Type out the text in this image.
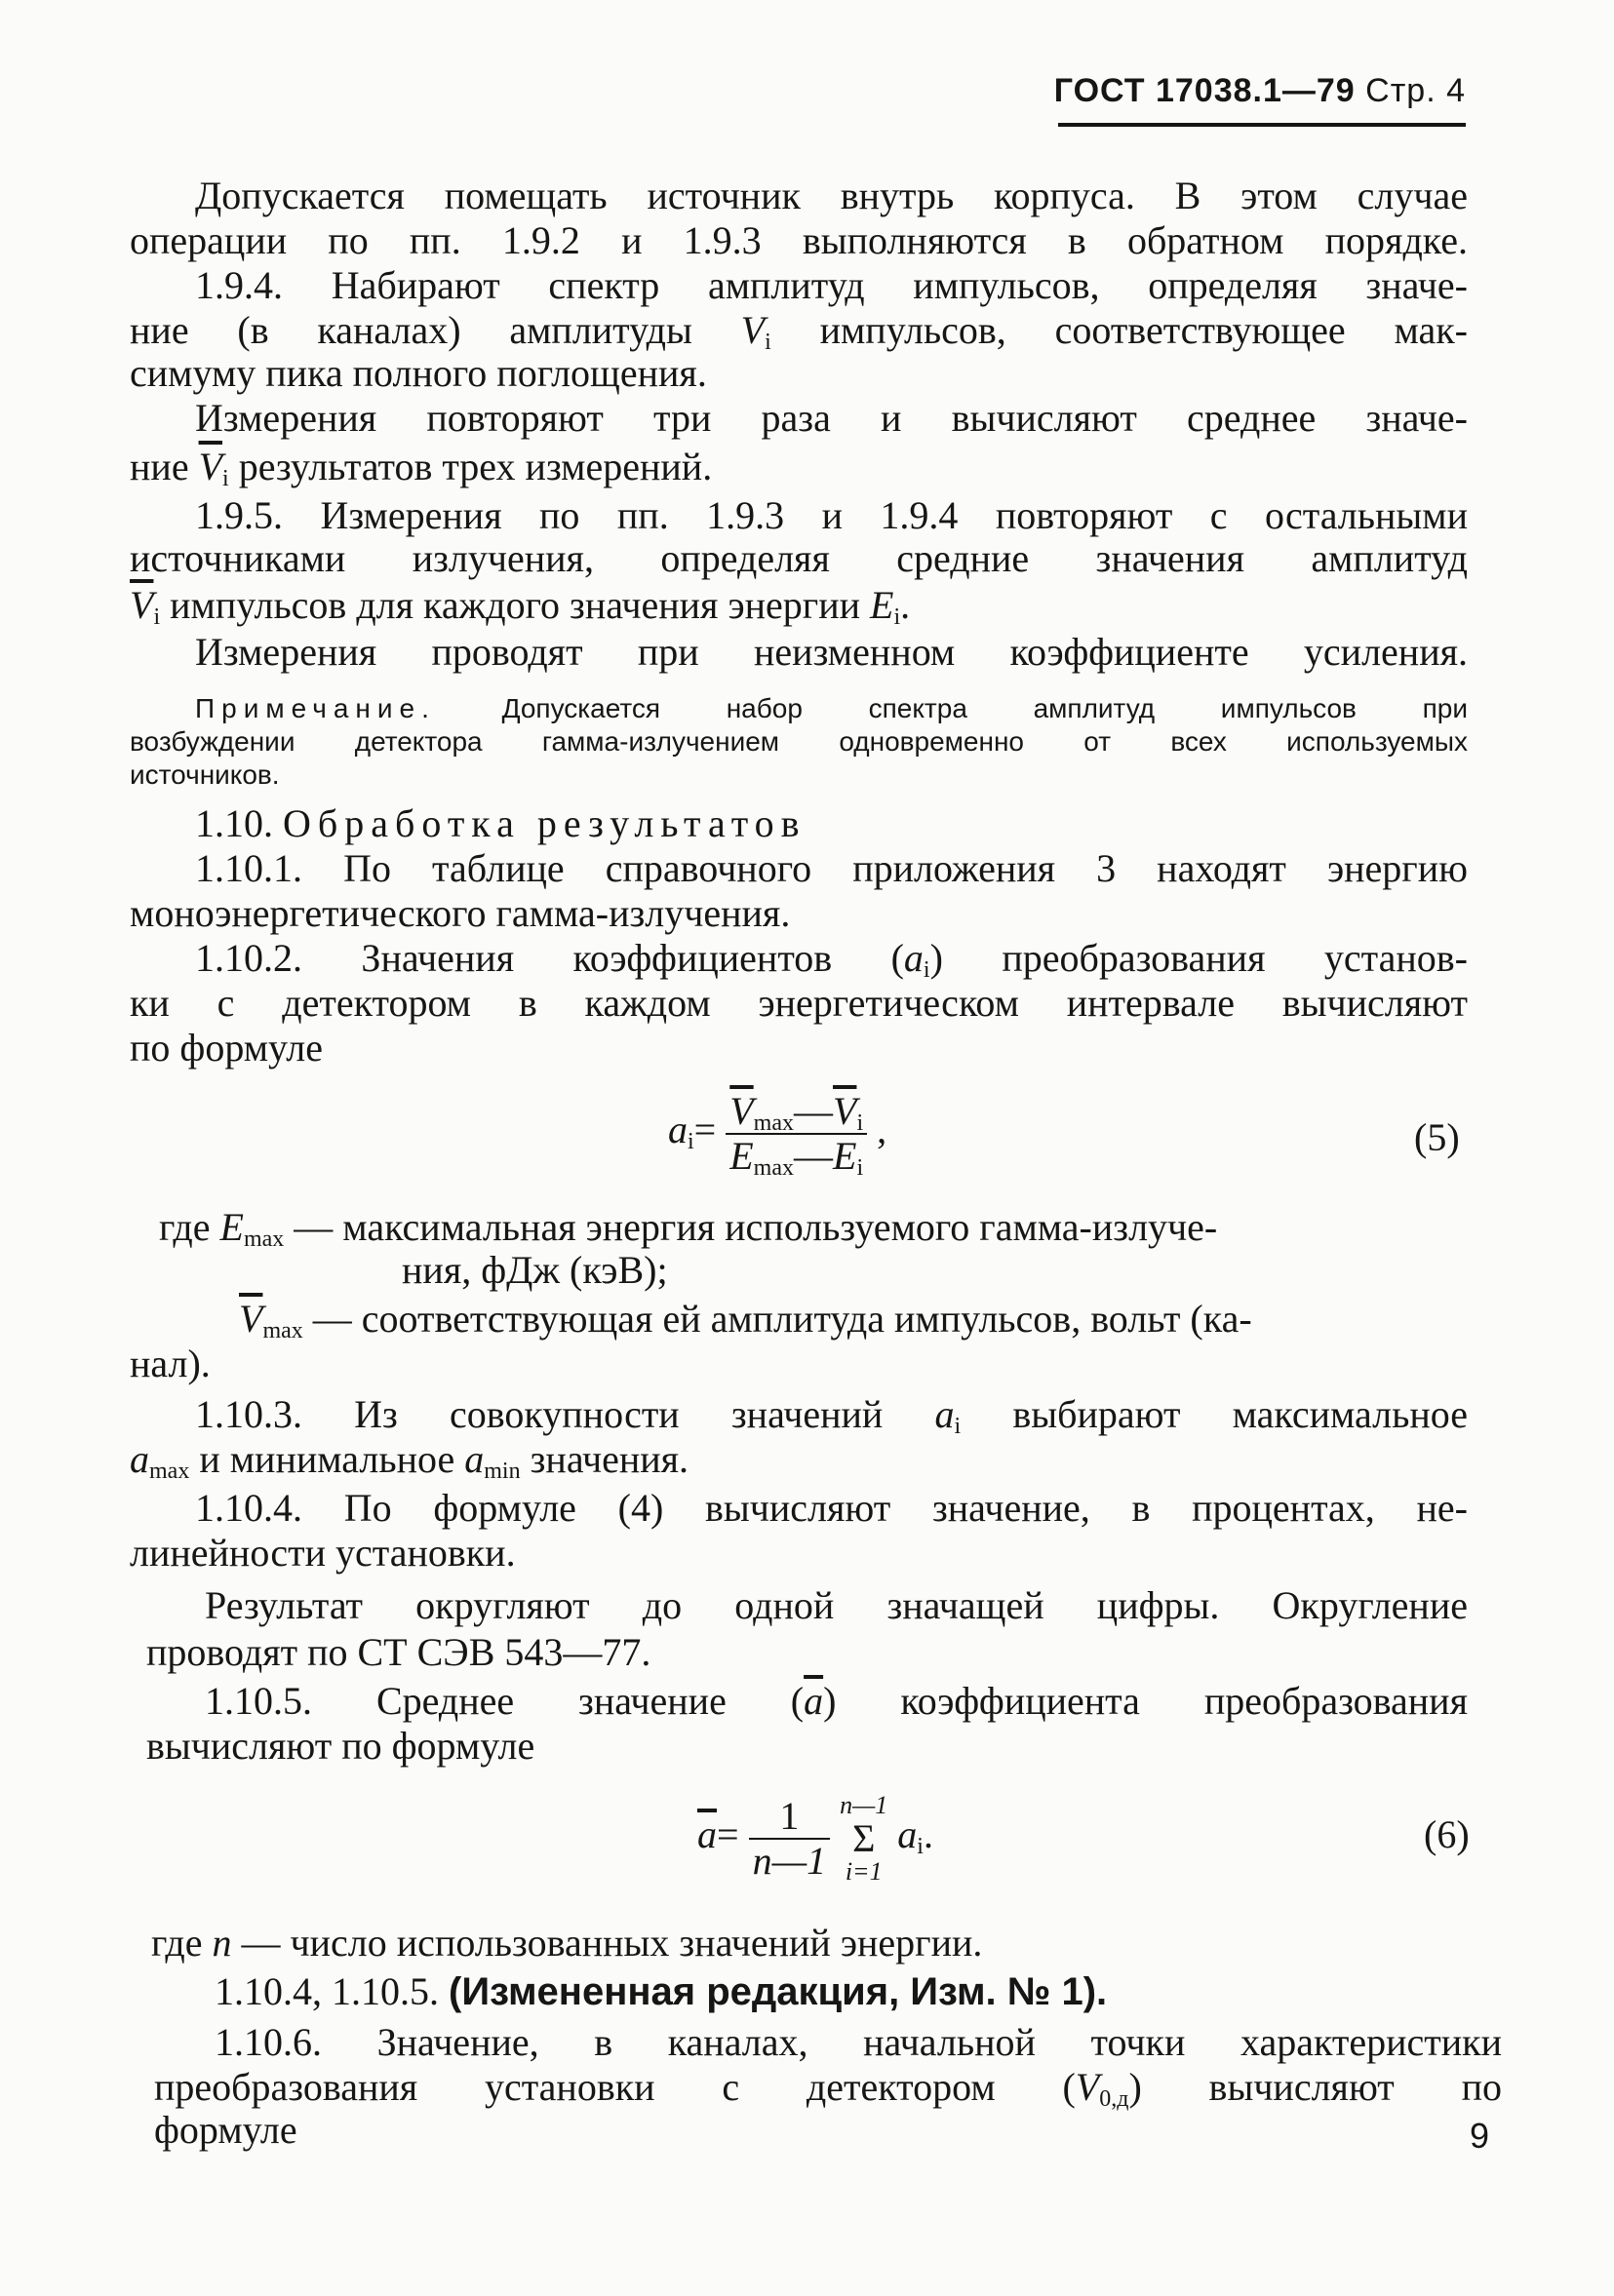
ГОСТ 17038.1—79 Стр. 4
Допускается помещать источник внутрь корпуса. В этом случае
операции по пп. 1.9.2 и 1.9.3 выполняются в обратном порядке.
1.9.4. Набирают спектр амплитуд импульсов, определяя значе-
ние (в каналах) амплитуды $V_i$ импульсов, соответствующее мак-
симуму пика полного поглощения.
Измерения повторяют три раза и вычисляют среднее значе-
ние $\overline{V}_i$ результатов трех измерений.
1.9.5. Измерения по пп. 1.9.3 и 1.9.4 повторяют с остальными
источниками излучения, определяя средние значения амплитуд
$\overline{V}_i$ импульсов для каждого значения энергии $E_i$.
Измерения проводят при неизменном коэффициенте усиления.
Примечание. Допускается набор спектра амплитуд импульсов при
возбуждении детектора гамма-излучением одновременно от всех используемых
источников.
1.10. Обработка результатов
1.10.1. По таблице справочного приложения 3 находят энергию
моноэнергетического гамма-излучения.
1.10.2. Значения коэффициентов $(a_i)$ преобразования установ-
ки с детектором в каждом энергетическом интервале вычисляют
по формуле
$a_i= \frac{\overline{V}_{max}—\overline{V}_i}{E_{max}—E_i}$ ,	(5)
где $E_{max}$ — максимальная энергия используемого гамма-излуче-
ния, фДж (кэВ);
$\overline{V}_{max}$ — соответствующая ей амплитуда импульсов, вольт (ка-
нал).
1.10.3. Из совокупности значений $a_i$ выбирают максимальное
$a_{max}$ и минимальное $a_{min}$ значения.
1.10.4. По формуле (4) вычисляют значение, в процентах, не-
линейности установки.
Результат округляют до одной значащей цифры. Округление
проводят по СТ СЭВ 543—77.
1.10.5. Среднее значение $(\overline{a})$ коэффициента преобразования
вычисляют по формуле
$\overline{a}= \frac{1}{n—1}$ n—1
Σ
i=1 $a_i$.	(6)
где n — число использованных значений энергии.
1.10.4, 1.10.5. (Измененная редакция, Изм. № 1).
1.10.6. Значение, в каналах, начальной точки характеристики
преобразования установки с детектором $(V_{0,д})$ вычисляют по
формуле	9
